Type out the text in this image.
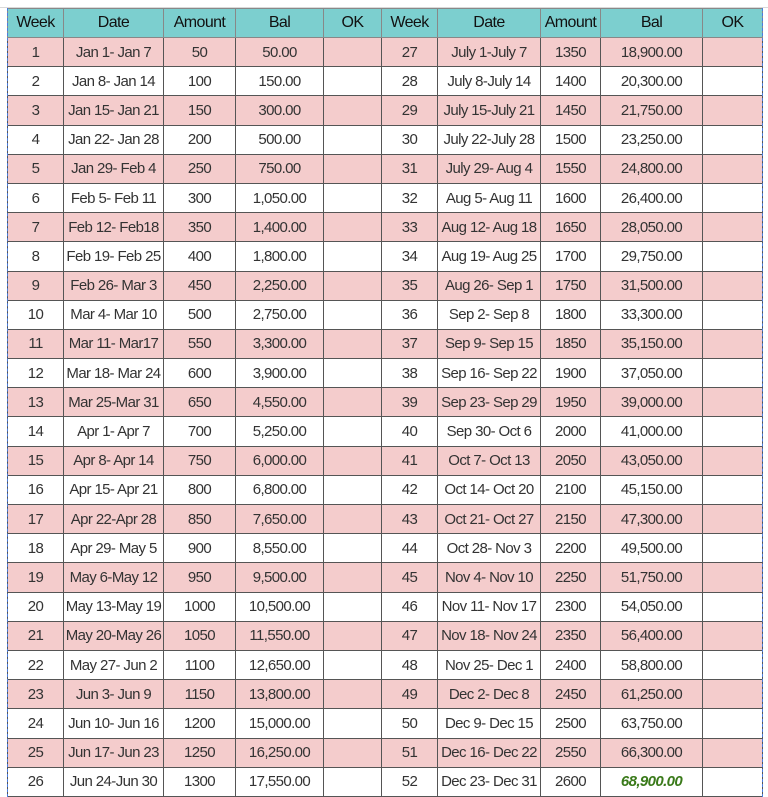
Week	Date	Amount	Bal	OK	Week	Date	Amount	Bal	OK
1	Jan 1- Jan 7	50	50.00		27	July 1-July 7	1350	18,900.00	
2	Jan 8- Jan 14	100	150.00		28	July 8-July 14	1400	20,300.00	
3	Jan 15- Jan 21	150	300.00		29	July 15-July 21	1450	21,750.00	
4	Jan 22- Jan 28	200	500.00		30	July 22-July 28	1500	23,250.00	
5	Jan 29- Feb 4	250	750.00		31	July 29- Aug 4	1550	24,800.00	
6	Feb 5- Feb 11	300	1,050.00		32	Aug 5- Aug 11	1600	26,400.00	
7	Feb 12- Feb18	350	1,400.00		33	Aug 12- Aug 18	1650	28,050.00	
8	Feb 19- Feb 25	400	1,800.00		34	Aug 19- Aug 25	1700	29,750.00	
9	Feb 26- Mar 3	450	2,250.00		35	Aug 26- Sep 1	1750	31,500.00	
10	Mar 4- Mar 10	500	2,750.00		36	Sep 2- Sep 8	1800	33,300.00	
11	Mar 11- Mar17	550	3,300.00		37	Sep 9- Sep 15	1850	35,150.00	
12	Mar 18- Mar 24	600	3,900.00		38	Sep 16- Sep 22	1900	37,050.00	
13	Mar 25-Mar 31	650	4,550.00		39	Sep 23- Sep 29	1950	39,000.00	
14	Apr 1- Apr 7	700	5,250.00		40	Sep 30- Oct 6	2000	41,000.00	
15	Apr 8- Apr 14	750	6,000.00		41	Oct 7- Oct 13	2050	43,050.00	
16	Apr 15- Apr 21	800	6,800.00		42	Oct 14- Oct 20	2100	45,150.00	
17	Apr 22-Apr 28	850	7,650.00		43	Oct 21- Oct 27	2150	47,300.00	
18	Apr 29- May 5	900	8,550.00		44	Oct 28- Nov 3	2200	49,500.00	
19	May 6-May 12	950	9,500.00		45	Nov 4- Nov 10	2250	51,750.00	
20	May 13-May 19	1000	10,500.00		46	Nov 11- Nov 17	2300	54,050.00	
21	May 20-May 26	1050	11,550.00		47	Nov 18- Nov 24	2350	56,400.00	
22	May 27- Jun 2	1100	12,650.00		48	Nov 25- Dec 1	2400	58,800.00	
23	Jun 3- Jun 9	1150	13,800.00		49	Dec 2- Dec 8	2450	61,250.00	
24	Jun 10- Jun 16	1200	15,000.00		50	Dec 9- Dec 15	2500	63,750.00	
25	Jun 17- Jun 23	1250	16,250.00		51	Dec 16- Dec 22	2550	66,300.00	
26	Jun 24-Jun 30	1300	17,550.00		52	Dec 23- Dec 31	2600	68,900.00	
